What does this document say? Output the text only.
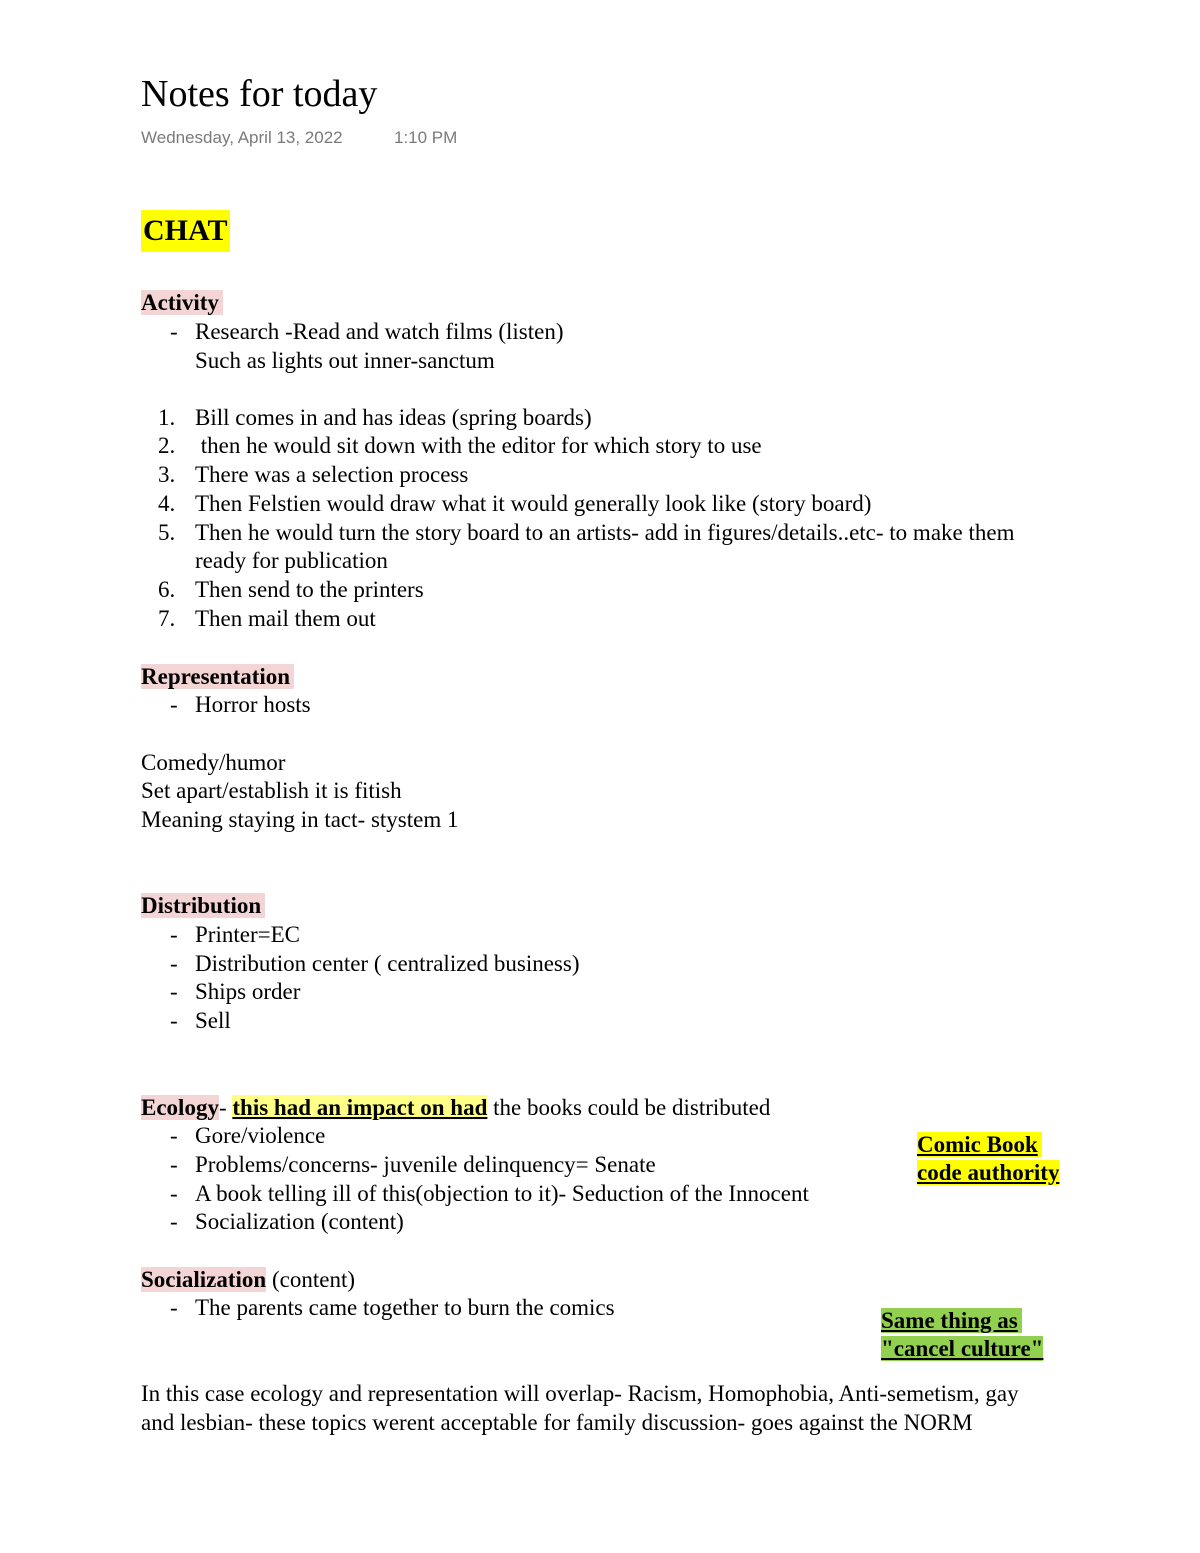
Notes for today
Wednesday, April 13, 2022	1:10 PM
CHAT
Activity
- Research -Read and watch films (listen)
Such as lights out inner-sanctum
1. Bill comes in and has ideas (spring boards)
2. then he would sit down with the editor for which story to use
3. There was a selection process
4. Then Felstien would draw what it would generally look like (story board)
5. Then he would turn the story board to an artists- add in figures/details..etc- to make them
ready for publication
6. Then send to the printers
7. Then mail them out
Representation
- Horror hosts
Comedy/humor
Set apart/establish it is fitish
Meaning staying in tact- stystem 1
Distribution
- Printer=EC
- Distribution center ( centralized business)
- Ships order
- Sell
Ecology- this had an impact on had the books could be distributed
- Gore/violence
- Problems/concerns- juvenile delinquency= Senate
- A book telling ill of this(objection to it)- Seduction of the Innocent
- Socialization (content)
Comic Book
code authority
Socialization (content)
- The parents came together to burn the comics
Same thing as
"cancel culture"
In this case ecology and representation will overlap- Racism, Homophobia, Anti-semetism, gay
and lesbian- these topics werent acceptable for family discussion- goes against the NORM
